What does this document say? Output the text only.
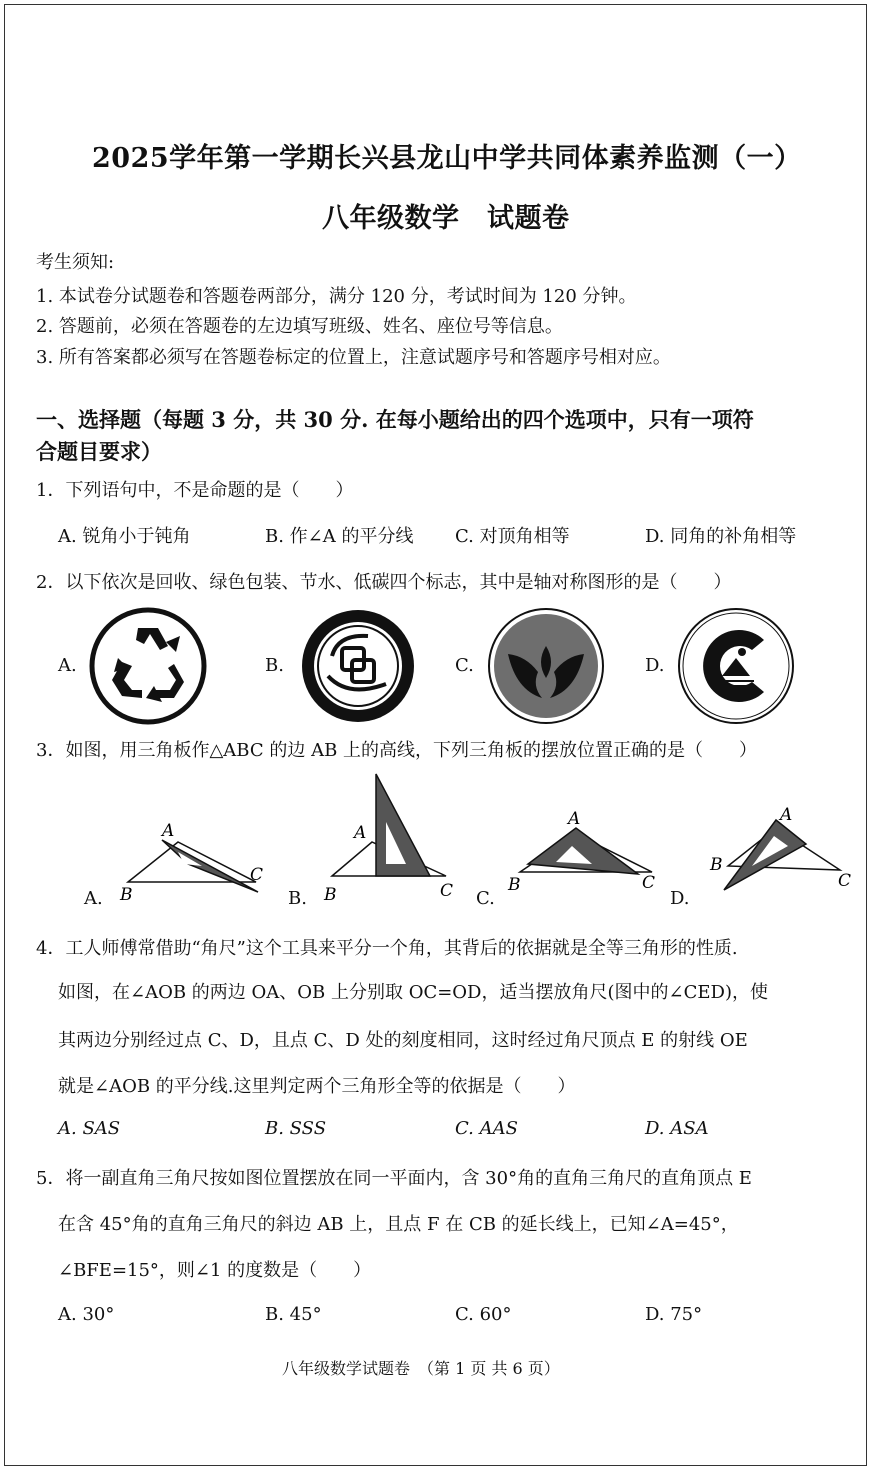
2025学年第一学期长兴县龙山中学共同体素养监测（一）
八年级数学　试题卷
考生须知:
1. 本试卷分试题卷和答题卷两部分，满分 120 分，考试时间为 120 分钟。
2. 答题前，必须在答题卷的左边填写班级、姓名、座位号等信息。
3. 所有答案都必须写在答题卷标定的位置上，注意试题序号和答题序号相对应。
一、选择题（每题 3 分，共 30 分. 在每小题给出的四个选项中，只有一项符
合题目要求）
1．下列语句中，不是命题的是（　　）
A. 锐角小于钝角	B. 作∠A 的平分线 C. 对顶角相等	D. 同角的补角相等
2．以下依次是回收、绿色包装、节水、低碳四个标志，其中是轴对称图形的是（　　）
A.	B.	C.	D.
3．如图，用三角板作△ABC 的边 AB 上的高线，下列三角板的摆放位置正确的是（　　）
A
B
C
A.
A
B	C
B.
A
B	C
C.
A
B
C
D.
4．工人师傅常借助“角尺”这个工具来平分一个角，其背后的依据就是全等三角形的性质.
如图，在∠AOB 的两边 OA、OB 上分别取 OC=OD，适当摆放角尺(图中的∠CED)，使
其两边分别经过点 C、D，且点 C、D 处的刻度相同，这时经过角尺顶点 E 的射线 OE
就是∠AOB 的平分线.这里判定两个三角形全等的依据是（　　）
A. SAS	B. SSS	C. AAS	D. ASA
5．将一副直角三角尺按如图位置摆放在同一平面内，含 30°角的直角三角尺的直角顶点 E
在含 45°角的直角三角尺的斜边 AB 上，且点 F 在 CB 的延长线上，已知∠A=45°，
∠BFE=15°，则∠1 的度数是（　　）
A. 30°	B. 45°	C. 60°	D. 75°
八年级数学试题卷　（第 1 页 共 6 页）
